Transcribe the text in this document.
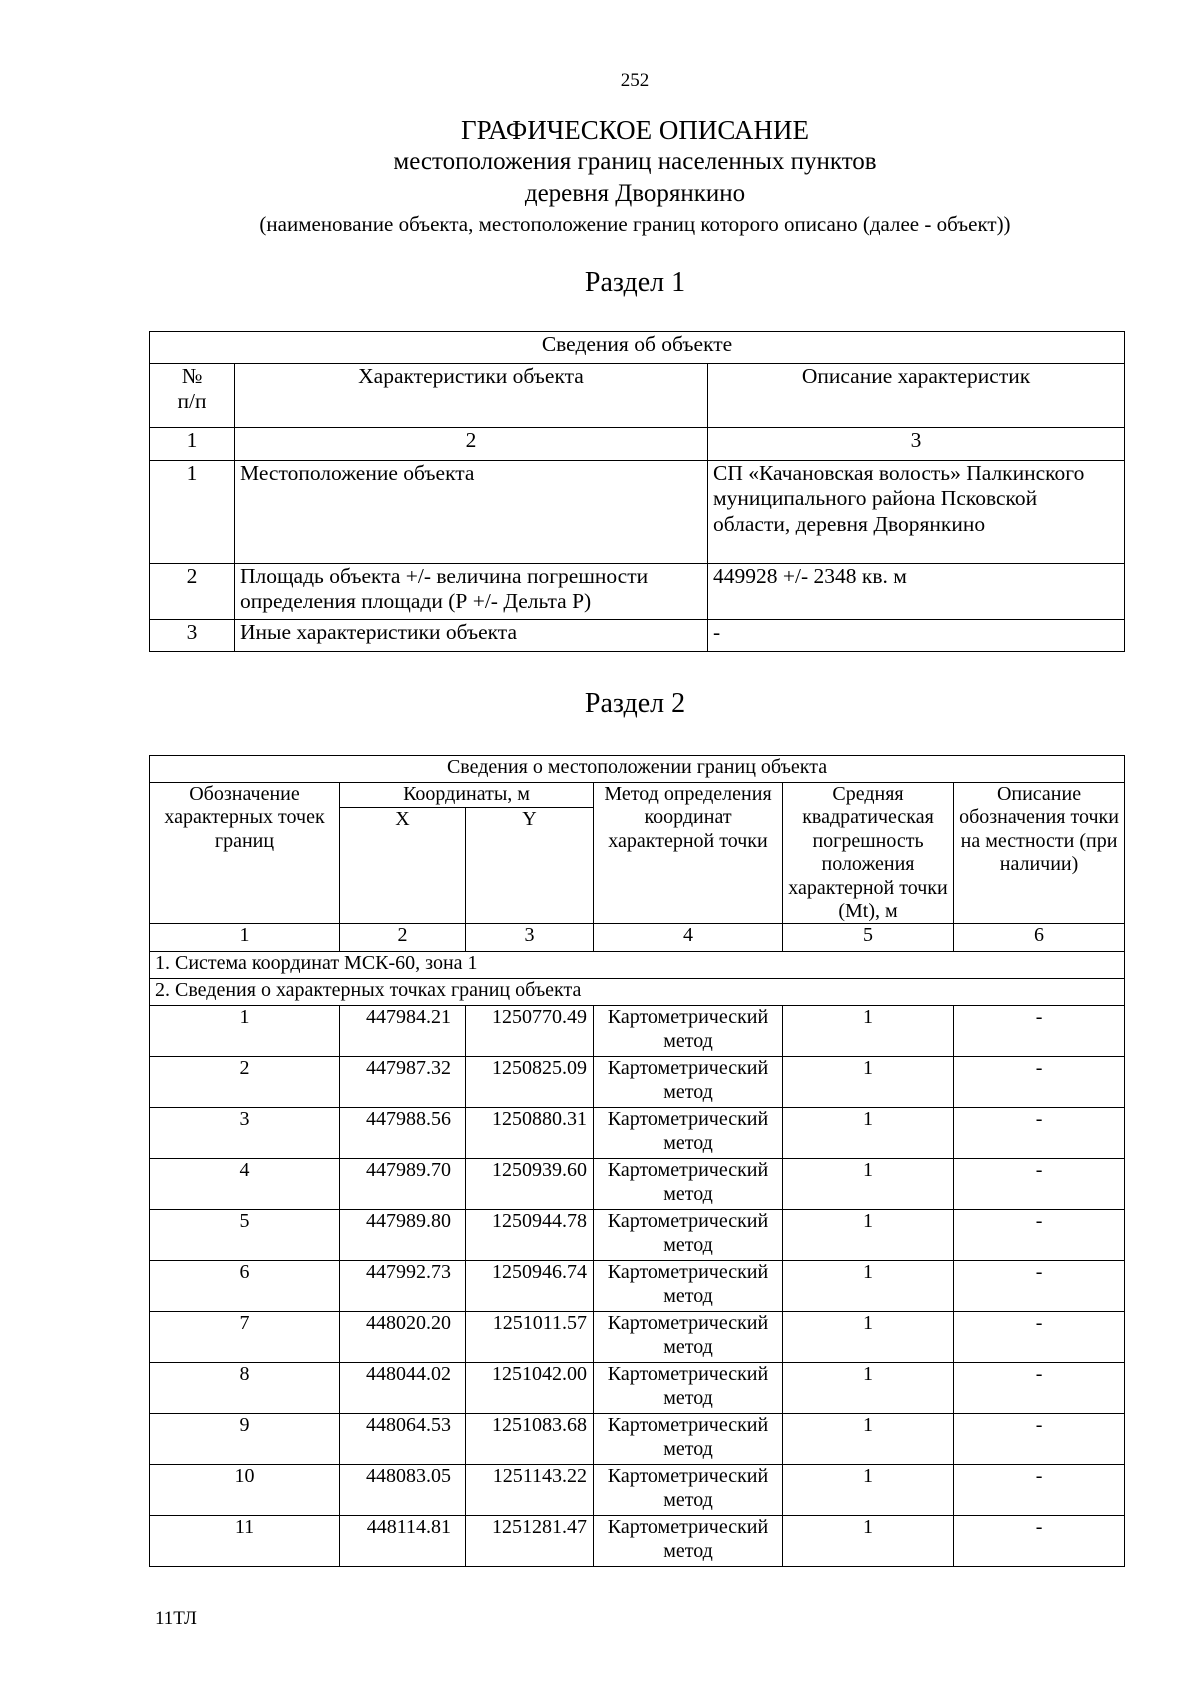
252
ГРАФИЧЕСКОЕ ОПИСАНИЕ
местоположения границ населенных пунктов
деревня Дворянкино
(наименование объекта, местоположение границ которого описано (далее - объект))
Раздел 1
Сведения об объекте		
№
п/п	Характеристики объекта	Описание характеристик
1	2	3
1	Местоположение объекта	СП «Качановская волость» Палкинского муниципального района Псковской области, деревня Дворянкино
2	Площадь объекта +/- величина погрешности определения площади (Р +/- Дельта Р)	449928 +/- 2348 кв. м
3	Иные характеристики объекта	-
Раздел 2
Сведения о местоположении границ объекта					
Обозначение характерных точек границ	Координаты, м		Метод определения координат характерной точки	Средняя квадратическая погрешность положения характерной точки (Mt), м	Описание обозначения точки на местности (при наличии)
	X	Y			
1	2	3	4	5	6
1. Система координат МСК-60, зона 1					
2. Сведения о характерных точках границ объекта					
1	447984.21	1250770.49	Картометрический метод	1	-
2	447987.32	1250825.09	Картометрический метод	1	-
3	447988.56	1250880.31	Картометрический метод	1	-
4	447989.70	1250939.60	Картометрический метод	1	-
5	447989.80	1250944.78	Картометрический метод	1	-
6	447992.73	1250946.74	Картометрический метод	1	-
7	448020.20	1251011.57	Картометрический метод	1	-
8	448044.02	1251042.00	Картометрический метод	1	-
9	448064.53	1251083.68	Картометрический метод	1	-
10	448083.05	1251143.22	Картометрический метод	1	-
11	448114.81	1251281.47	Картометрический метод	1	-
11ТЛ
